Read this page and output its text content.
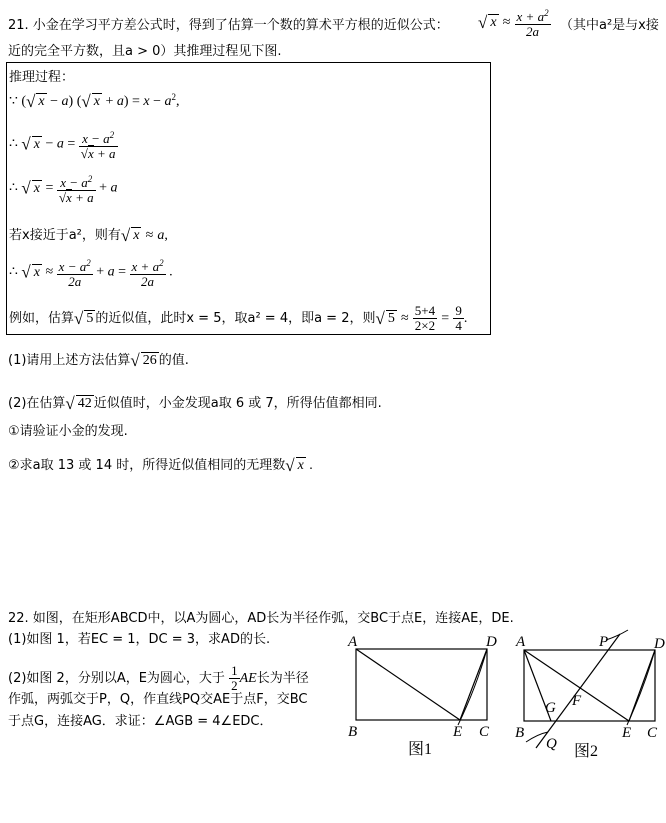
21. 小金在学习平方差公式时，得到了估算一个数的算术平方根的近似公式： √ $x \approx \frac{x + a^2}{2a}$ （其中a²是与x接
近的完全平方数，且a > 0）其推理过程见下图.
推理过程：
∵ (√ x − a) (√ $x + a) = x - a^2$,
∴ √ $x - a = \frac{x - a^2}{√x + a}$
∴ √ $x = \frac{x - a^2}{√x + a} + a$
若x接近于a²，则有√ x ≈ a,
∴ √ $x \approx \frac{x - a^2}{2a} + a = \frac{x + a^2}{2a}$ .
例如，估算√ 5 的近似值，此时x = 5，取a² = 4，即a = 2，则√ $5 \approx \frac{5+4}{2\times 2} = \frac{9}{4}$ .
(1)请用上述方法估算√ 26 的值.
(2)在估算√ 42 近似值时，小金发现a取 6 或 7，所得估值都相同.
①请验证小金的发现.
②求a取 13 或 14 时，所得近似值相同的无理数√ x .
22. 如图，在矩形ABCD中，以A为圆心，AD长为半径作弧，交BC于点E，连接AE，DE.
(1)如图 1，若EC = 1，DC = 3，求AD的长.
(2)如图 2，分别以A，E为圆心，大于 $\frac{1}{2}$ AE长为半径
作弧，两弧交于P，Q，作直线PQ交AE于点F，交BC
于点G，连接AG．求证：∠AGB = 4∠EDC．
A	D
B	E C
图1
A	D
P
F
G
B
Q
E C
图2
